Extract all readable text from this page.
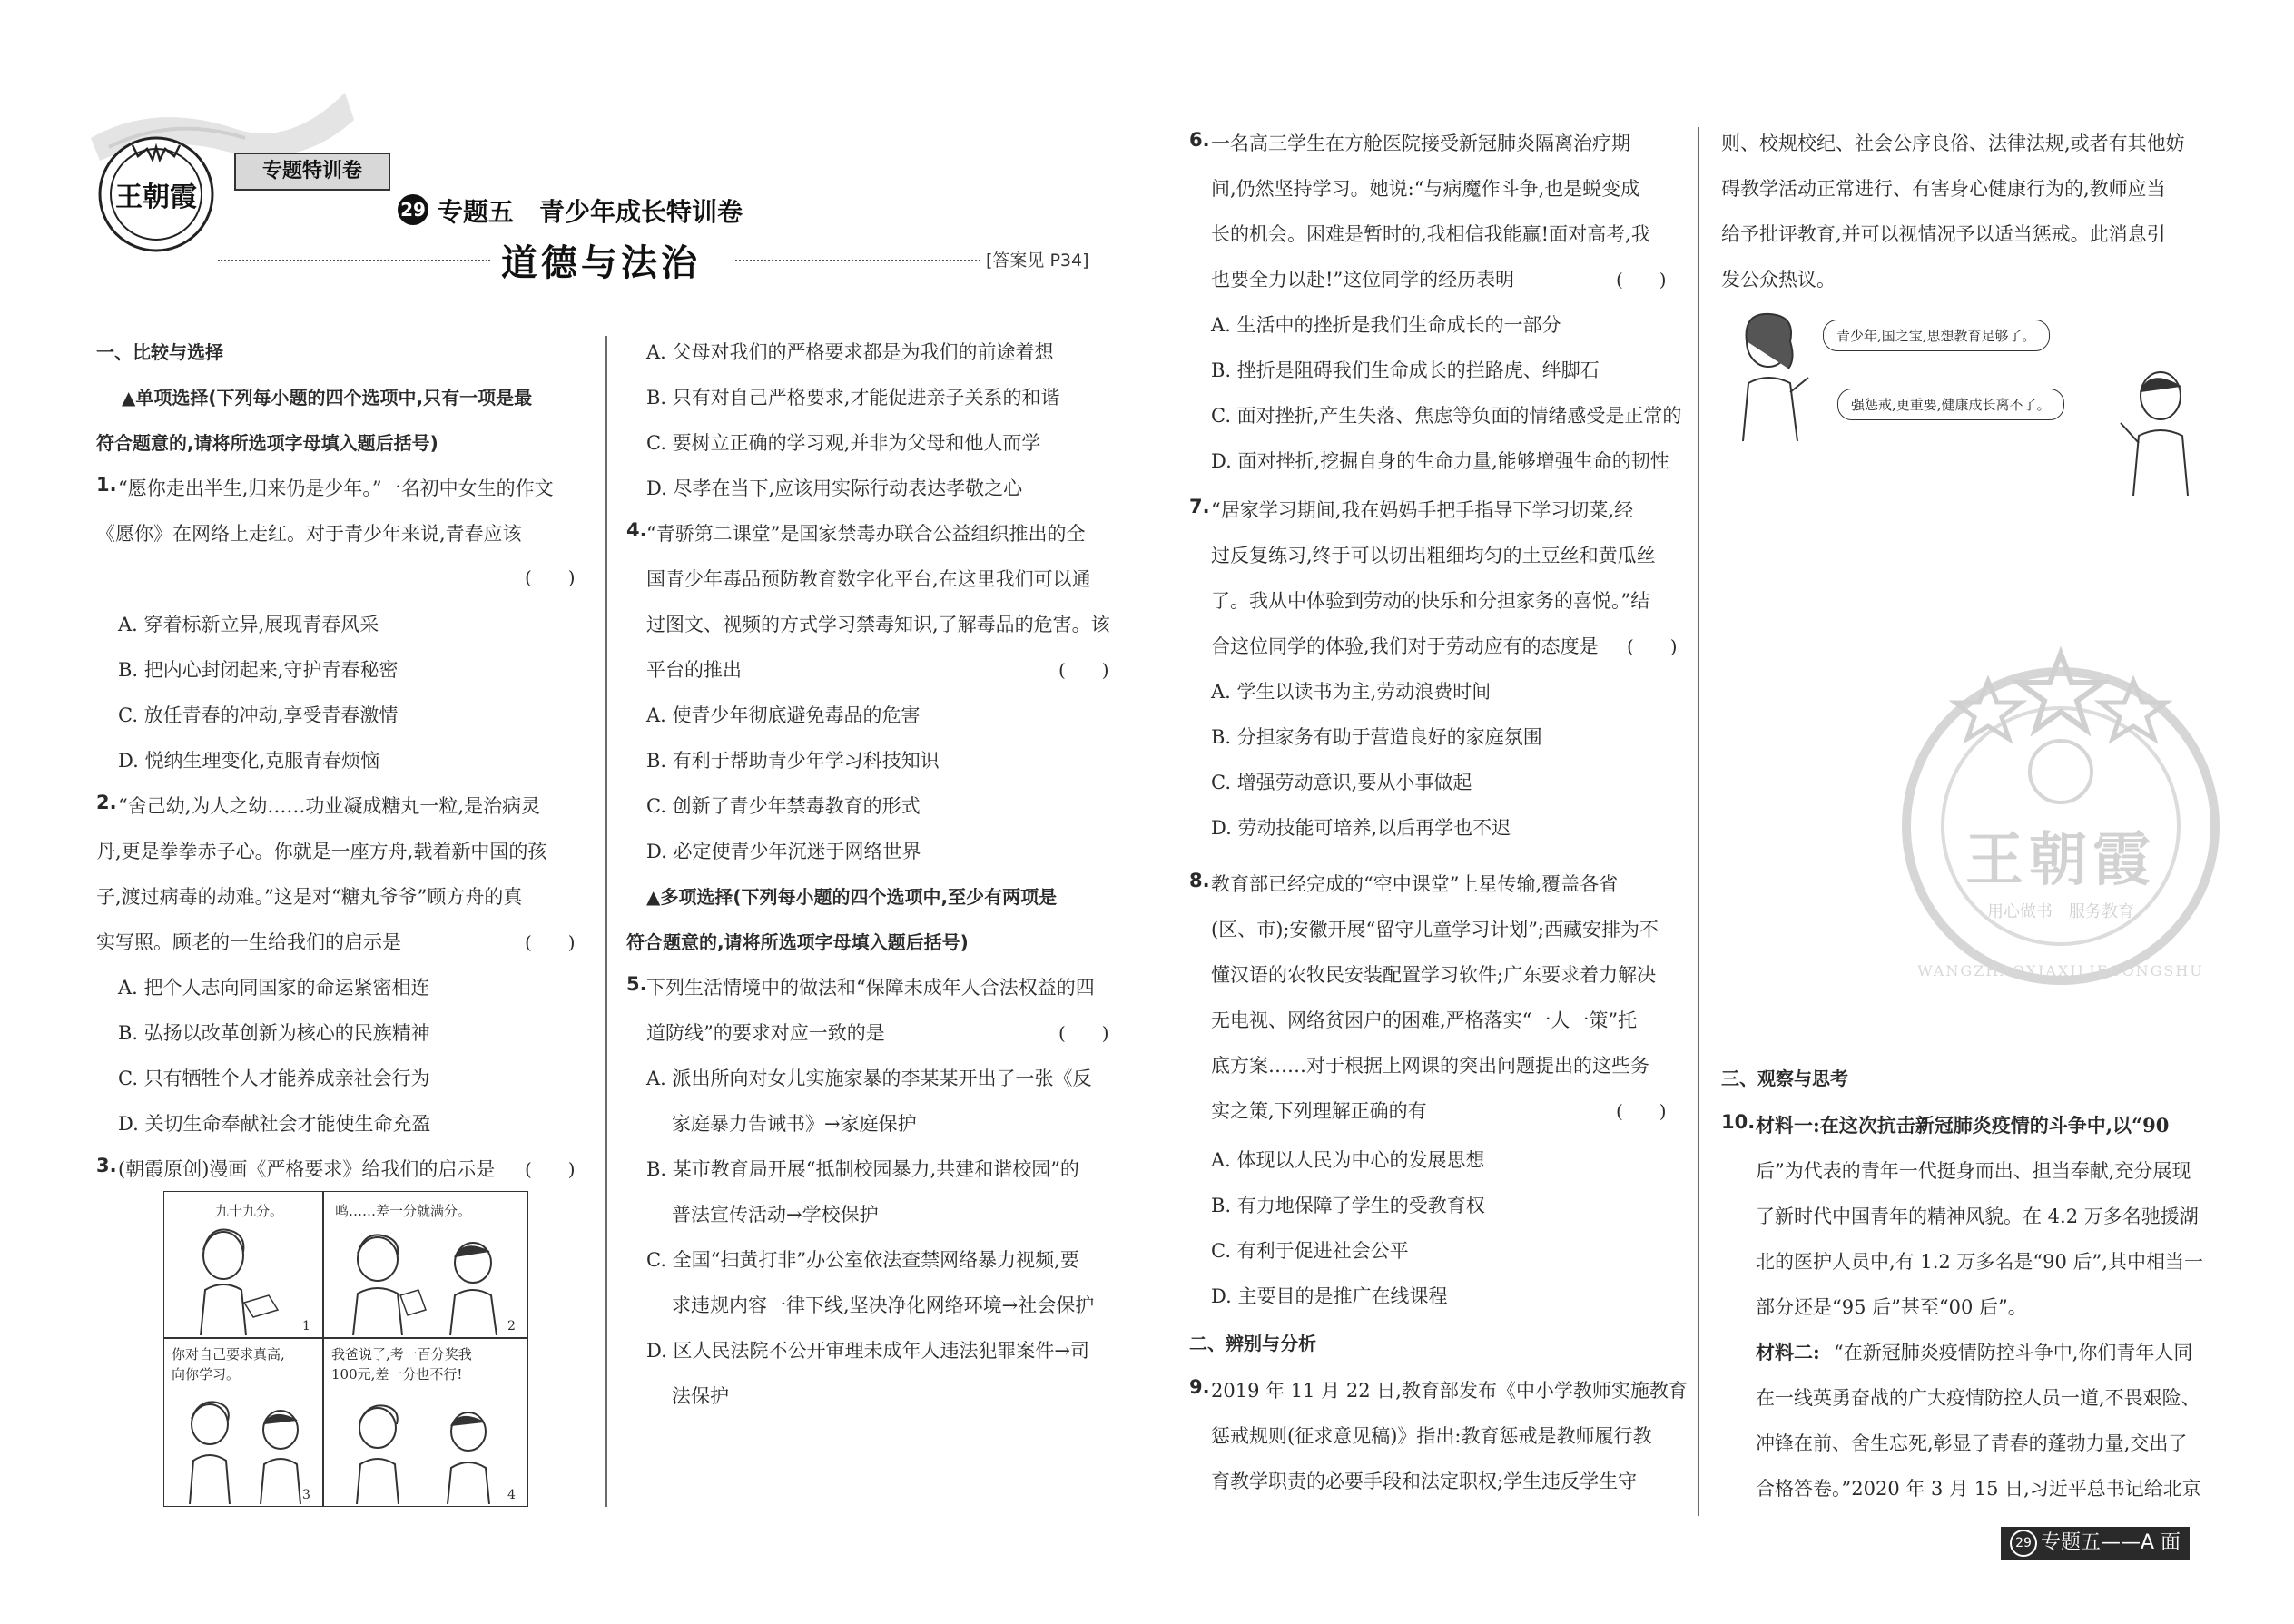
王朝霞
专题特训卷
29 专题五　青少年成长特训卷
道德与法治	[答案见 P34]
一、比较与选择
▲单项选择(下列每小题的四个选项中,只有一项是最
符合题意的,请将所选项字母填入题后括号)
1. “愿你走出半生,归来仍是少年。”一名初中女生的作文
《愿你》在网络上走红。对于青少年来说,青春应该
(　　)
A. 穿着标新立异,展现青春风采
B. 把内心封闭起来,守护青春秘密
C. 放任青春的冲动,享受青春激情
D. 悦纳生理变化,克服青春烦恼
2. “舍己幼,为人之幼……功业凝成糖丸一粒,是治病灵
丹,更是拳拳赤子心。你就是一座方舟,载着新中国的孩
子,渡过病毒的劫难。”这是对“糖丸爷爷”顾方舟的真
实写照。顾老的一生给我们的启示是	(　　)
A. 把个人志向同国家的命运紧密相连
B. 弘扬以改革创新为核心的民族精神
C. 只有牺牲个人才能养成亲社会行为
D. 关切生命奉献社会才能使生命充盈
3. (朝霞原创)漫画《严格要求》给我们的启示是 (　　)
九十九分。
1
鸣……差一分就满分。
2
你对自己要求真高,
向你学习。
3
我爸说了,考一百分奖我
100元,差一分也不行!
4
A. 父母对我们的严格要求都是为我们的前途着想
B. 只有对自己严格要求,才能促进亲子关系的和谐
C. 要树立正确的学习观,并非为父母和他人而学
D. 尽孝在当下,应该用实际行动表达孝敬之心
4. “青骄第二课堂”是国家禁毒办联合公益组织推出的全
国青少年毒品预防教育数字化平台,在这里我们可以通
过图文、视频的方式学习禁毒知识,了解毒品的危害。该
平台的推出	(　　)
A. 使青少年彻底避免毒品的危害
B. 有利于帮助青少年学习科技知识
C. 创新了青少年禁毒教育的形式
D. 必定使青少年沉迷于网络世界
▲多项选择(下列每小题的四个选项中,至少有两项是
符合题意的,请将所选项字母填入题后括号)
5. 下列生活情境中的做法和“保障未成年人合法权益的四
道防线”的要求对应一致的是	(　　)
A. 派出所向对女儿实施家暴的李某某开出了一张《反
家庭暴力告诫书》→家庭保护
B. 某市教育局开展“抵制校园暴力,共建和谐校园”的
普法宣传活动→学校保护
C. 全国“扫黄打非”办公室依法查禁网络暴力视频,要
求违规内容一律下线,坚决净化网络环境→社会保护
D. 区人民法院不公开审理未成年人违法犯罪案件→司
法保护
6. 一名高三学生在方舱医院接受新冠肺炎隔离治疗期
间,仍然坚持学习。她说:“与病魔作斗争,也是蜕变成
长的机会。困难是暂时的,我相信我能赢!面对高考,我
也要全力以赴!”这位同学的经历表明	(　　)
A. 生活中的挫折是我们生命成长的一部分
B. 挫折是阻碍我们生命成长的拦路虎、绊脚石
C. 面对挫折,产生失落、焦虑等负面的情绪感受是正常的
D. 面对挫折,挖掘自身的生命力量,能够增强生命的韧性
7. “居家学习期间,我在妈妈手把手指导下学习切菜,经
过反复练习,终于可以切出粗细均匀的土豆丝和黄瓜丝
了。我从中体验到劳动的快乐和分担家务的喜悦。”结
合这位同学的体验,我们对于劳动应有的态度是 (　　)
A. 学生以读书为主,劳动浪费时间
B. 分担家务有助于营造良好的家庭氛围
C. 增强劳动意识,要从小事做起
D. 劳动技能可培养,以后再学也不迟
8. 教育部已经完成的“空中课堂”上星传输,覆盖各省
(区、市);安徽开展“留守儿童学习计划”;西藏安排为不
懂汉语的农牧民安装配置学习软件;广东要求着力解决
无电视、网络贫困户的困难,严格落实“一人一策”托
底方案……对于根据上网课的突出问题提出的这些务
实之策,下列理解正确的有	(　　)
A. 体现以人民为中心的发展思想
B. 有力地保障了学生的受教育权
C. 有利于促进社会公平
D. 主要目的是推广在线课程
二、辨别与分析
9. 2019 年 11 月 22 日,教育部发布《中小学教师实施教育
惩戒规则(征求意见稿)》指出:教育惩戒是教师履行教
育教学职责的必要手段和法定职权;学生违反学生守
则、校规校纪、社会公序良俗、法律法规,或者有其他妨
碍教学活动正常进行、有害身心健康行为的,教师应当
给予批评教育,并可以视情况予以适当惩戒。此消息引
发公众热议。
青少年,国之宝,思想教育足够了。
强惩戒,更重要,健康成长离不了。
王朝霞
用心做书　服务教育
WANGZHAOXIAXILIECONGSHU
三、观察与思考
10. 材料一:在这次抗击新冠肺炎疫情的斗争中,以“90
后”为代表的青年一代挺身而出、担当奉献,充分展现
了新时代中国青年的精神风貌。在 4.2 万多名驰援湖
北的医护人员中,有 1.2 万多名是“90 后”,其中相当一
部分还是“95 后”甚至“00 后”。
材料二: “在新冠肺炎疫情防控斗争中,你们青年人同
在一线英勇奋战的广大疫情防控人员一道,不畏艰险、
冲锋在前、舍生忘死,彰显了青春的蓬勃力量,交出了
合格答卷。”2020 年 3 月 15 日,习近平总书记给北京
29 专题五——A 面
